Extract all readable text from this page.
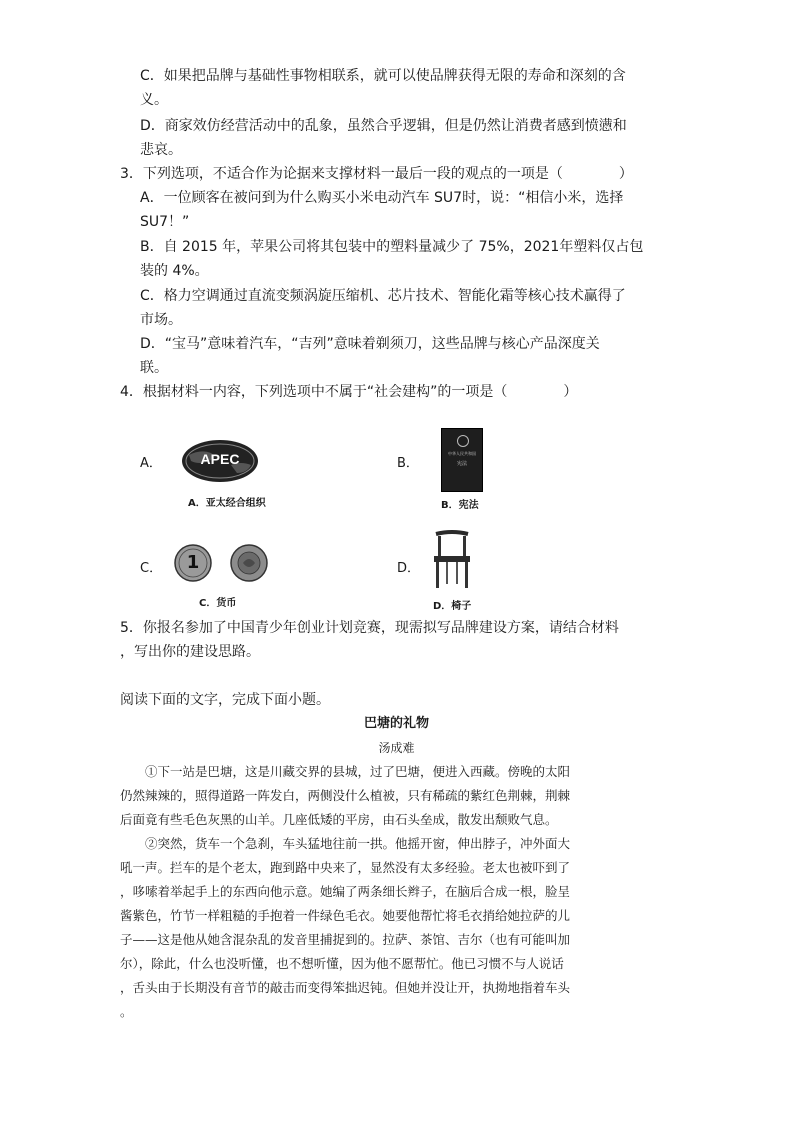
C．如果把品牌与基础性事物相联系，就可以使品牌获得无限的寿命和深刻的含
义。
D．商家效仿经营活动中的乱象，虽然合乎逻辑，但是仍然让消费者感到愤懑和
悲哀。
3．下列选项，不适合作为论据来支撑材料一最后一段的观点的一项是（　　　　）
A．一位顾客在被问到为什么购买小米电动汽车 SU7时，说：“相信小米，选择
SU7！”
B．自 2015 年，苹果公司将其包装中的塑料量减少了 75%，2021年塑料仅占包
装的 4%。
C．格力空调通过直流变频涡旋压缩机、芯片技术、智能化霜等核心技术赢得了
市场。
D．“宝马”意味着汽车，“吉列”意味着剃须刀，这些品牌与核心产品深度关
联。
4．根据材料一内容，下列选项中不属于“社会建构”的一项是（　　　　）
A．	APEC
A．亚太经合组织
B．
中华人民共和国
宪法
B．宪法
C．	1
C．货币
D．
D．椅子
5．你报名参加了中国青少年创业计划竞赛，现需拟写品牌建设方案，请结合材料
，写出你的建设思路。
阅读下面的文字，完成下面小题。
巴塘的礼物
汤成难
①下一站是巴塘，这是川藏交界的县城，过了巴塘，便进入西藏。傍晚的太阳
仍然辣辣的，照得道路一阵发白，两侧没什么植被，只有稀疏的紫红色荆棘，荆棘
后面竟有些毛色灰黑的山羊。几座低矮的平房，由石头垒成，散发出颓败气息。
②突然，货车一个急刹，车头猛地往前一拱。他摇开窗，伸出脖子，冲外面大
吼一声。拦车的是个老太，跑到路中央来了，显然没有太多经验。老太也被吓到了
，哆嗦着举起手上的东西向他示意。她编了两条细长辫子，在脑后合成一根，脸呈
酱紫色，竹节一样粗糙的手抱着一件绿色毛衣。她要他帮忙将毛衣捎给她拉萨的儿
子——这是他从她含混杂乱的发音里捕捉到的。拉萨、茶馆、吉尔（也有可能叫加
尔），除此，什么也没听懂，也不想听懂，因为他不愿帮忙。他已习惯不与人说话
，舌头由于长期没有音节的敲击而变得笨拙迟钝。但她并没让开，执拗地指着车头
。
